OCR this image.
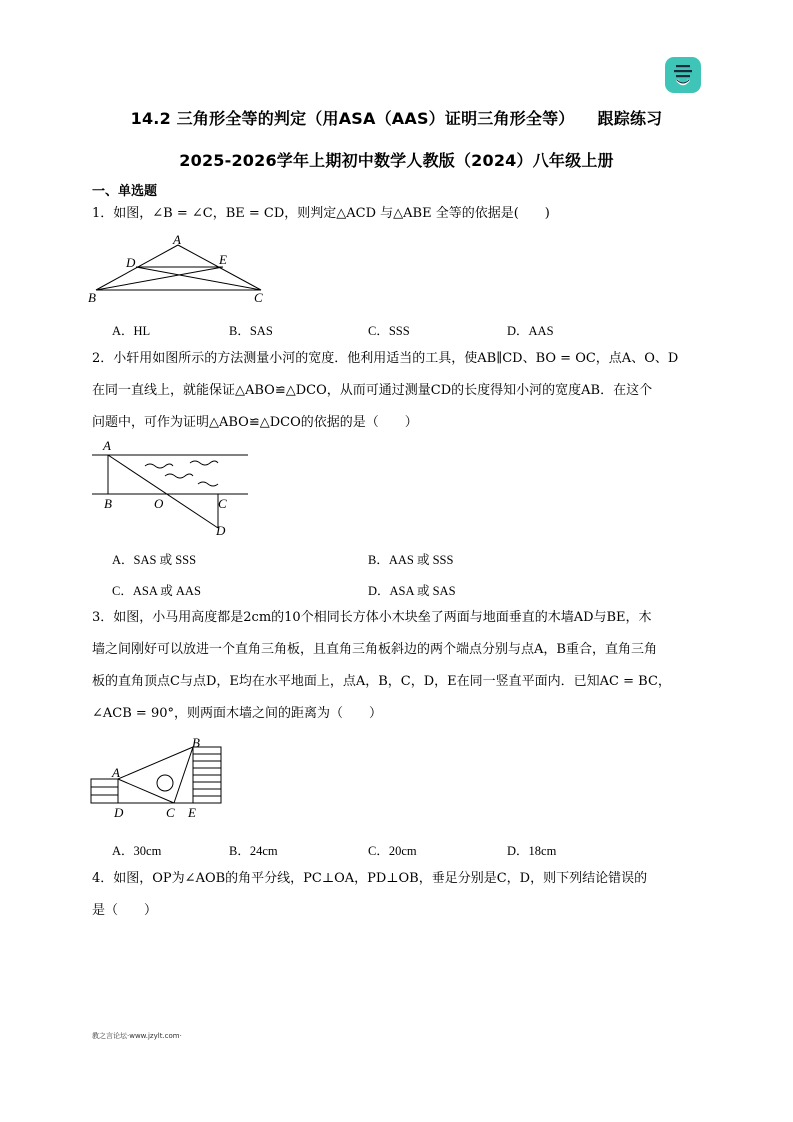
14.2 三角形全等的判定（用ASA（AAS）证明三角形全等）    跟踪练习
2025-2026学年上期初中数学人教版（2024）八年级上册
一、单选题
1．如图，∠B = ∠C，BE = CD，则判定△ACD 与△ABE 全等的依据是(　　)
A
D	E
B	C
A．HL	B．SAS	C．SSS	D．AAS
2．小轩用如图所示的方法测量小河的宽度．他利用适当的工具，使AB∥CD、BO = OC，点A、O、D
在同一直线上，就能保证△ABO≌△DCO，从而可通过测量CD的长度得知小河的宽度AB．在这个
问题中，可作为证明△ABO≌△DCO的依据的是（　　）
A
B	O	C
D
A．SAS 或 SSS	B．AAS 或 SSS
C．ASA 或 AAS	D．ASA 或 SAS
3．如图，小马用高度都是2cm的10个相同长方体小木块垒了两面与地面垂直的木墙AD与BE，木
墙之间刚好可以放进一个直角三角板，且直角三角板斜边的两个端点分别与点A，B重合，直角三角
板的直角顶点C与点D，E均在水平地面上，点A，B，C，D，E在同一竖直平面内．已知AC = BC，
∠ACB = 90°，则两面木墙之间的距离为（　　）
B
A
D	C E
A．30cm	B．24cm	C．20cm	D．18cm
4．如图，OP为∠AOB的角平分线，PC⊥OA，PD⊥OB，垂足分别是C，D，则下列结论错误的
是（　　）
教之言论坛·www.jzylt.com·
